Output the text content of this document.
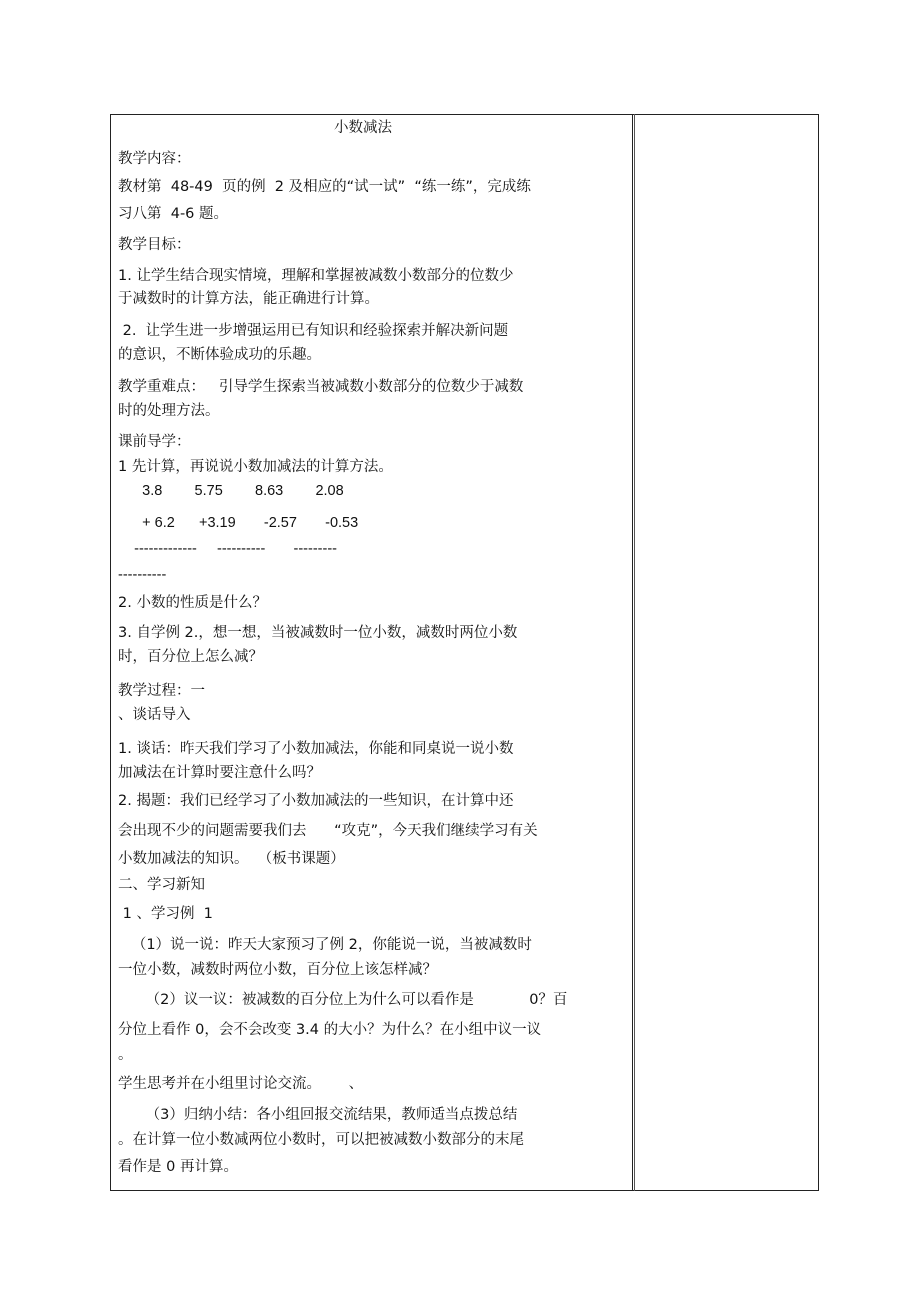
小数减法
教学内容：
教材第  48-49  页的例  2 及相应的“试一试”  “练一练”，完成练
习八第  4-6 题。
教学目标：
1. 让学生结合现实情境，理解和掌握被减数小数部分的位数少
于减数时的计算方法，能正确进行计算。
2.  让学生进一步增强运用已有知识和经验探索并解决新问题
的意识，不断体验成功的乐趣。
教学重难点：   引导学生探索当被减数小数部分的位数少于减数
时的处理方法。
课前导学：
1 先计算，再说说小数加减法的计算方法。
3.8        5.75        8.63        2.08
+ 6.2      +3.19       -2.57       -0.53
-------------     ----------       ---------
----------
2. 小数的性质是什么？
3. 自学例 2.，想一想，当被减数时一位小数，减数时两位小数
时，百分位上怎么减？
教学过程：一
、谈话导入
1. 谈话：昨天我们学习了小数加减法，你能和同桌说一说小数
加减法在计算时要注意什么吗？
2. 揭题：我们已经学习了小数加减法的一些知识，在计算中还
会出现不少的问题需要我们去      “攻克”，今天我们继续学习有关
小数加减法的知识。  （板书课题）
二、学习新知
1 、学习例  1
（1）说一说：昨天大家预习了例 2，你能说一说，当被减数时
一位小数，减数时两位小数，百分位上该怎样减？
（2）议一议：被减数的百分位上为什么可以看作是            0？百
分位上看作 0，会不会改变 3.4 的大小？为什么？在小组中议一议
。
学生思考并在小组里讨论交流。      、
（3）归纳小结：各小组回报交流结果，教师适当点拨总结
。在计算一位小数减两位小数时，可以把被减数小数部分的末尾
看作是 0 再计算。
